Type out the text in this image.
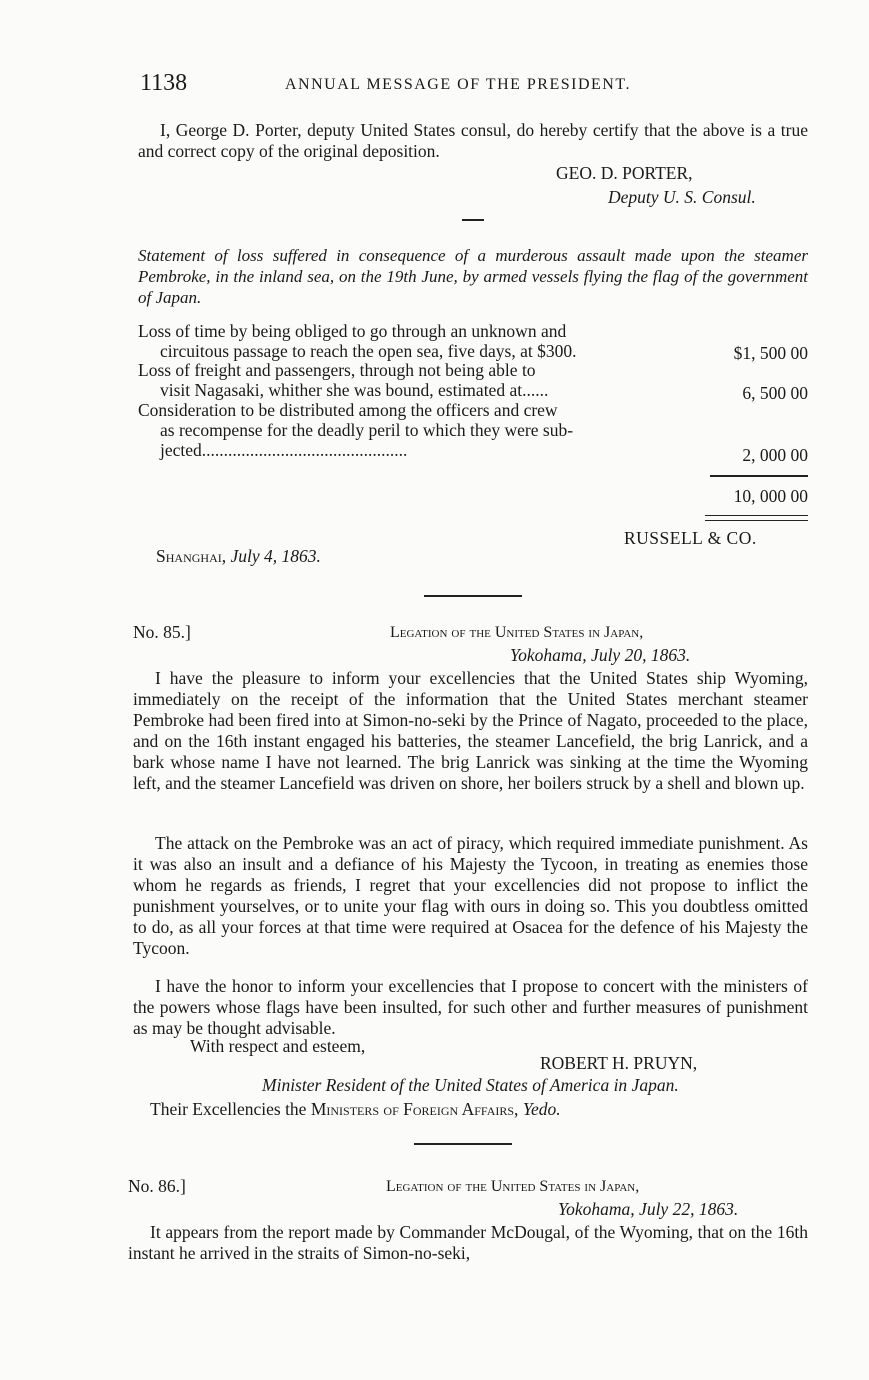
1138	ANNUAL MESSAGE OF THE PRESIDENT.
I, George D. Porter, deputy United States consul, do hereby certify that the above is a true and correct copy of the original deposition.
GEO. D. PORTER,
Deputy U. S. Consul.
Statement of loss suffered in consequence of a murderous assault made upon the steamer Pembroke, in the inland sea, on the 19th June, by armed vessels flying the flag of the government of Japan.
Loss of time by being obliged to go through an unknown and
circuitous passage to reach the open sea, five days, at $300.	$1, 500 00
Loss of freight and passengers, through not being able to
visit Nagasaki, whither she was bound, estimated at......	6, 500 00
Consideration to be distributed among the officers and crew
as recompense for the deadly peril to which they were sub-
jected...............................................	2, 000 00
10, 000 00
RUSSELL & CO.
Shanghai, July 4, 1863.
No. 85.]	Legation of the United States in Japan,
Yokohama, July 20, 1863.
I have the pleasure to inform your excellencies that the United States ship Wyoming, immediately on the receipt of the information that the United States merchant steamer Pembroke had been fired into at Simon-no-seki by the Prince of Nagato, proceeded to the place, and on the 16th instant engaged his batteries, the steamer Lancefield, the brig Lanrick, and a bark whose name I have not learned. The brig Lanrick was sinking at the time the Wyoming left, and the steamer Lancefield was driven on shore, her boilers struck by a shell and blown up.
The attack on the Pembroke was an act of piracy, which required immediate punishment. As it was also an insult and a defiance of his Majesty the Tycoon, in treating as enemies those whom he regards as friends, I regret that your excellencies did not propose to inflict the punishment yourselves, or to unite your flag with ours in doing so. This you doubtless omitted to do, as all your forces at that time were required at Osacea for the defence of his Majesty the Tycoon.
I have the honor to inform your excellencies that I propose to concert with the ministers of the powers whose flags have been insulted, for such other and further measures of punishment as may be thought advisable.
With respect and esteem,
ROBERT H. PRUYN,
Minister Resident of the United States of America in Japan.
Their Excellencies the Ministers of Foreign Affairs, Yedo.
No. 86.]	Legation of the United States in Japan,
Yokohama, July 22, 1863.
It appears from the report made by Commander McDougal, of the Wyoming, that on the 16th instant he arrived in the straits of Simon-no-seki,
